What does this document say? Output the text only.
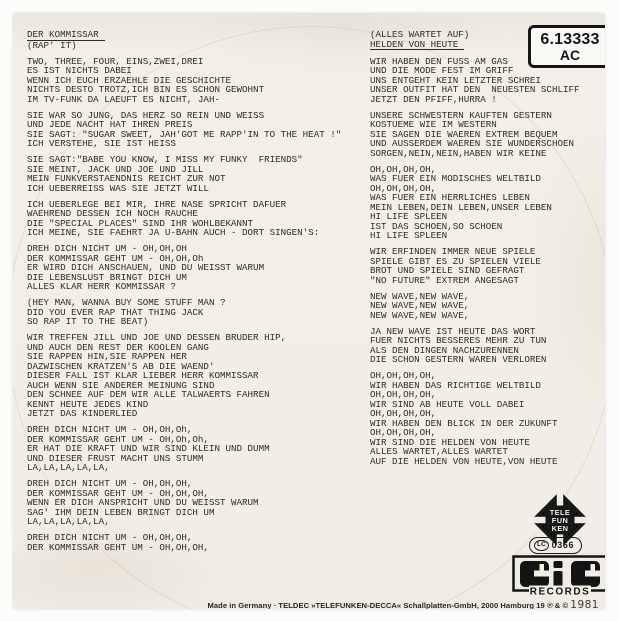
DER KOMMISSAR
(RAP' IT)
TWO, THREE, FOUR, EINS,ZWEI,DREI
ES IST NICHTS DABEI
WENN ICH EUCH ERZAEHLE DIE GESCHICHTE
NICHTS DESTO TROTZ,ICH BIN ES SCHON GEWOHNT
IM TV-FUNK DA LAEUFT ES NICHT, JAH-
SIE WAR SO JUNG, DAS HERZ SO REIN UND WEISS
UND JEDE NACHT HAT IHREN PREIS
SIE SAGT: "SUGAR SWEET, JAH'GOT ME RAPP'IN TO THE HEAT !"
ICH VERSTEHE, SIE IST HEISS
SIE SAGT:"BABE YOU KNOW, I MISS MY FUNKY  FRIENDS"
SIE MEINT, JACK UND JOE UND JILL
MEIN FUNKVERSTAENDNIS REICHT ZUR NOT
ICH UEBERREISS WAS SIE JETZT WILL
ICH UEBERLEGE BEI MIR, IHRE NASE SPRICHT DAFUER
WAEHREND DESSEN ICH NOCH RAUCHE
DIE "SPECIAL PLACES" SIND IHR WOHLBEKANNT
ICH MEINE, SIE FAEHRT JA U-BAHN AUCH - DORT SINGEN'S:
DREH DICH NICHT UM - OH,OH,OH
DER KOMMISSAR GEHT UM - OH,OH,Oh
ER WIRD DICH ANSCHAUEN, UND DU WEISST WARUM
DIE LEBENSLUST BRINGT DICH UM
ALLES KLAR HERR KOMMISSAR ?
(HEY MAN, WANNA BUY SOME STUFF MAN ?
DID YOU EVER RAP THAT THING JACK
SO RAP IT TO THE BEAT)
WIR TREFFEN JILL UND JOE UND DESSEN BRUDER HIP,
UND AUCH DEN REST DER KOOLEN GANG
SIE RAPPEN HIN,SIE RAPPEN HER
DAZWISCHEN KRATZEN'S AB DIE WAEND'
DIESER FALL IST KLAR LIEBER HERR KOMMISSAR
AUCH WENN SIE ANDERER MEINUNG SIND
DEN SCHNEE AUF DEM WIR ALLE TALWAERTS FAHREN
KENNT HEUTE JEDES KIND
JETZT DAS KINDERLIED
DREH DICH NICHT UM - OH,OH,Oh,
DER KOMMISSAR GEHT UM - OH,Oh,Oh,
ER HAT DIE KRAFT UND WIR SIND KLEIN UND DUMM
UND DIESER FRUST MACHT UNS STUMM
LA,LA,LA,LA,LA,
DREH DICH NICHT UM - OH,OH,OH,
DER KOMMISSAR GEHT UM - OH,OH,OH,
WENN ER DICH ANSPRICHT UND DU WEISST WARUM
SAG' IHM DEIN LEBEN BRINGT DICH UM
LA,LA,LA,LA,LA,
DREH DICH NICHT UM - OH,OH,OH,
DER KOMMISSAR GEHT UM - OH,OH,OH,
(ALLES WARTET AUF)
HELDEN VON HEUTE
WIR HABEN DEN FUSS AM GAS
UND DIE MODE FEST IM GRIFF
UNS ENTGEHT KEIN LETZTER SCHREI
UNSER OUTFIT HAT DEN  NEUESTEN SCHLIFF
JETZT DEN PFIFF,HURRA !
UNSERE SCHWESTERN KAUFTEN GESTERN
KOSTUEME WIE IM WESTERN
SIE SAGEN DIE WAEREN EXTREM BEQUEM
UND AUSSERDEM WAEREN SIE WUNDERSCHOEN
SORGEN,NEIN,NEIN,HABEN WIR KEINE
OH,OH,OH,OH,
WAS FUER EIN MODISCHES WELTBILD
OH,OH,OH,OH,
WAS FUER EIN HERRLICHES LEBEN
MEIN LEBEN,DEIN LEBEN,UNSER LEBEN
HI LIFE SPLEEN
IST DAS SCHOEN,SO SCHOEN
HI LIFE SPLEEN
WIR ERFINDEN IMMER NEUE SPIELE
SPIELE GIBT ES ZU SPIELEN VIELE
BROT UND SPIELE SIND GEFRAGT
"NO FUTURE" EXTREM ANGESAGT
NEW WAVE,NEW WAVE,
NEW WAVE,NEW WAVE,
NEW WAVE,NEW WAVE,
JA NEW WAVE IST HEUTE DAS WORT
FUER NICHTS BESSERES MEHR ZU TUN
ALS DEN DINGEN NACHZURENNEN
DIE SCHON GESTERN WAREN VERLOREN
OH,OH,OH,OH,
WIR HABEN DAS RICHTIGE WELTBILD
OH,OH,OH,OH,
WIR SIND AB HEUTE VOLL DABEI
OH,OH,OH,OH,
WIR HABEN DEN BLICK IN DER ZUKUNFT
OH,OH,OH,OH,
WIR SIND DIE HELDEN VON HEUTE
ALLES WARTET,ALLES WARTET
AUF DIE HELDEN VON HEUTE,VON HEUTE
6.13333
AC
TELE
FUN
KEN
LC 0366
RECORDS
Made in Germany · TELDEC »TELEFUNKEN-DECCA« Schallplatten-GmbH, 2000 Hamburg 19 ℗ & © 1981
